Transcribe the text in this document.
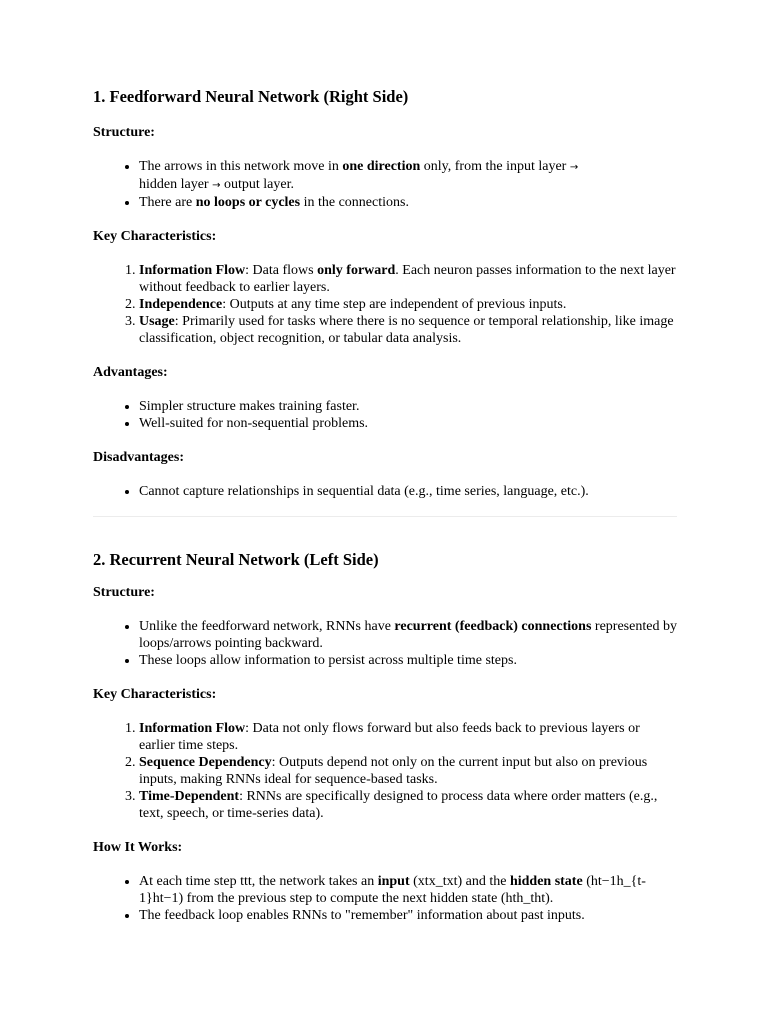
1. Feedforward Neural Network (Right Side)
Structure:
• The arrows in this network move in one direction only, from the input layer →
hidden layer → output layer.
• There are no loops or cycles in the connections.
Key Characteristics:
1. Information Flow: Data flows only forward. Each neuron passes information to the next layer without feedback to earlier layers.
2. Independence: Outputs at any time step are independent of previous inputs.
3. Usage: Primarily used for tasks where there is no sequence or temporal relationship, like image classification, object recognition, or tabular data analysis.
Advantages:
• Simpler structure makes training faster.
• Well-suited for non-sequential problems.
Disadvantages:
• Cannot capture relationships in sequential data (e.g., time series, language, etc.).
2. Recurrent Neural Network (Left Side)
Structure:
• Unlike the feedforward network, RNNs have recurrent (feedback) connections represented by loops/arrows pointing backward.
• These loops allow information to persist across multiple time steps.
Key Characteristics:
1. Information Flow: Data not only flows forward but also feeds back to previous layers or earlier time steps.
2. Sequence Dependency: Outputs depend not only on the current input but also on previous inputs, making RNNs ideal for sequence-based tasks.
3. Time-Dependent: RNNs are specifically designed to process data where order matters (e.g., text, speech, or time-series data).
How It Works:
• At each time step ttt, the network takes an input (xtx_txt) and the hidden state (ht−1h_{t-1}ht−1) from the previous step to compute the next hidden state (hth_tht).
• The feedback loop enables RNNs to "remember" information about past inputs.
